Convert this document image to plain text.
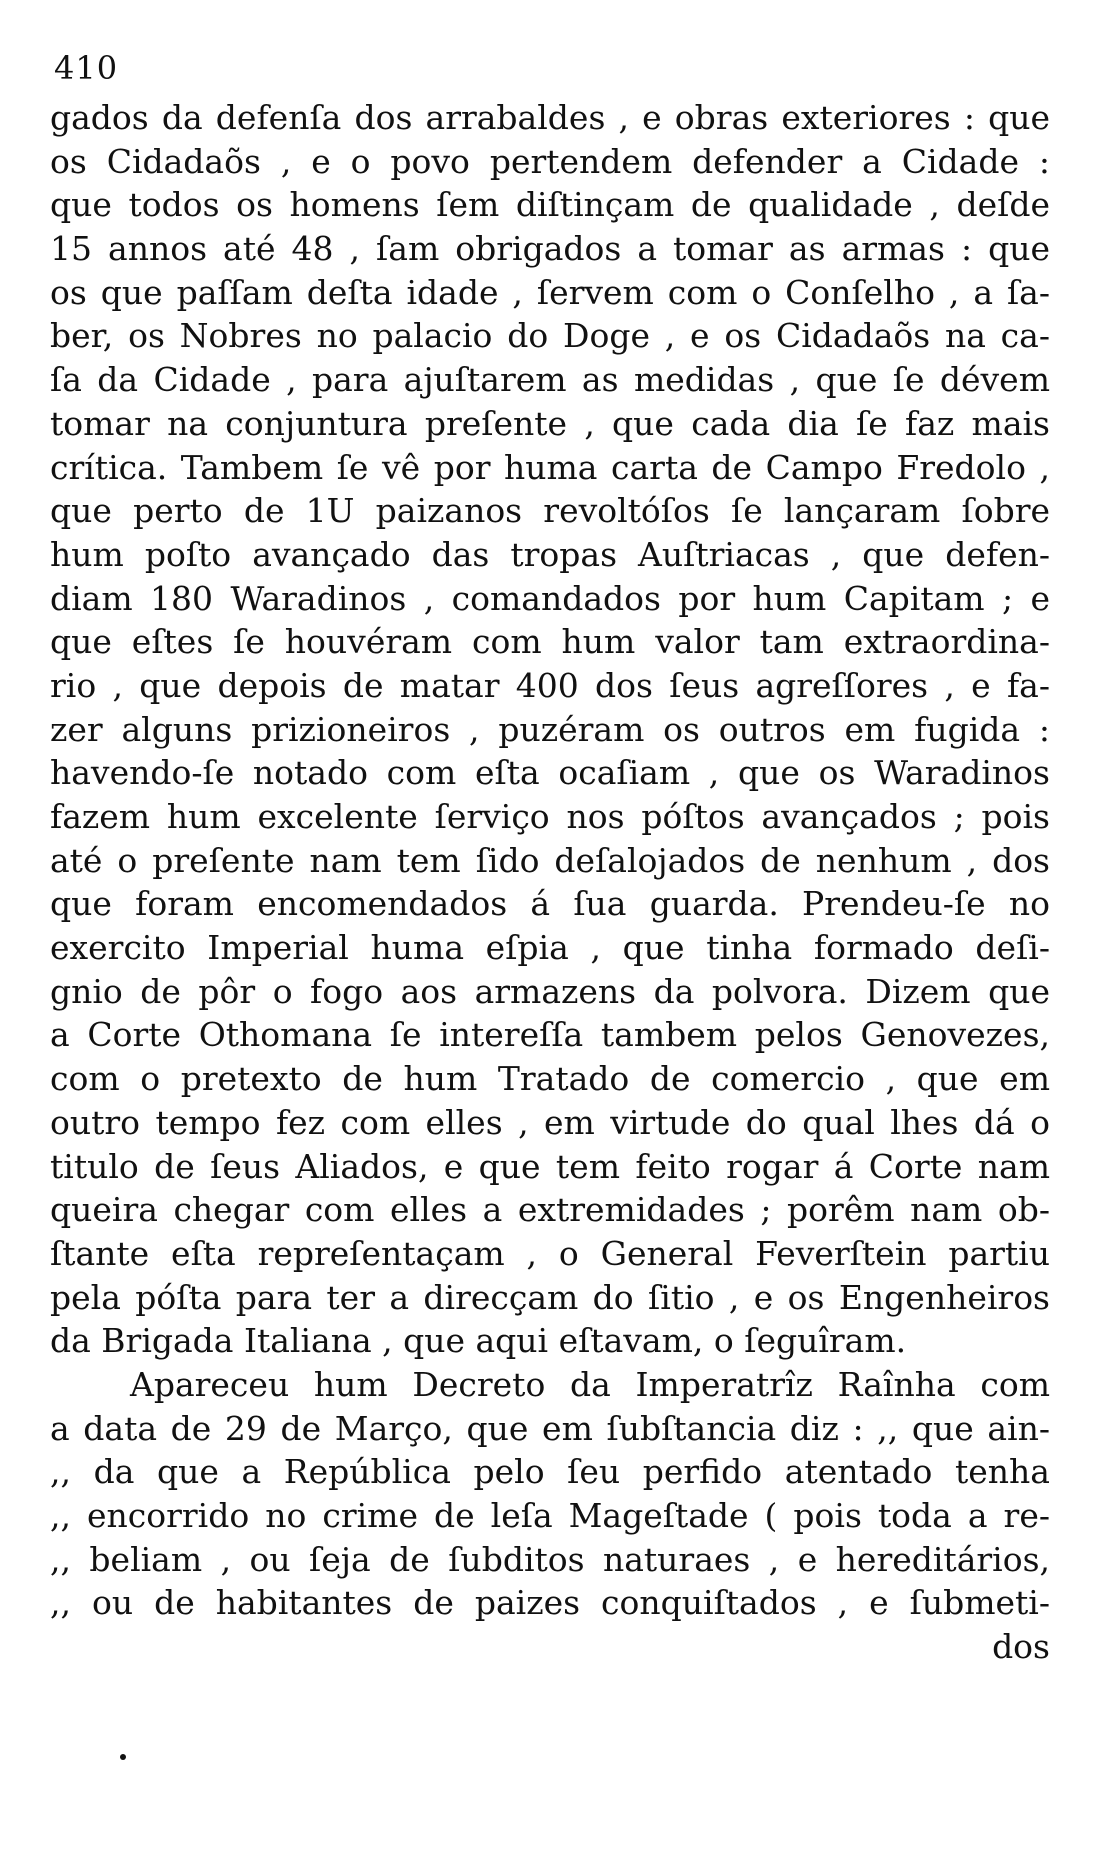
410
gados da defenſa dos arrabaldes , e obras exteriores : que
os Cidadaõs , e o povo pertendem defender a Cidade :
que todos os homens ſem diſtinçam de qualidade , deſde
15 annos até 48 , ſam obrigados a tomar as armas : que
os que paſſam deſta idade , ſervem com o Conſelho , a ſa-
ber, os Nobres no palacio do Doge , e os Cidadaõs na ca-
ſa da Cidade , para ajuſtarem as medidas , que ſe dévem
tomar na conjuntura preſente , que cada dia ſe faz mais
crítica. Tambem ſe vê por huma carta de Campo Fredolo ,
que perto de 1U paizanos revoltóſos ſe lançaram ſobre
hum poſto avançado das tropas Auſtriacas , que defen-
diam 180 Waradinos , comandados por hum Capitam ; e
que eſtes ſe houvéram com hum valor tam extraordina-
rio , que depois de matar 400 dos ſeus agreſſores , e fa-
zer alguns prizioneiros , puzéram os outros em fugida :
havendo-ſe notado com eſta ocaſiam , que os Waradinos
fazem hum excelente ſerviço nos póſtos avançados ; pois
até o preſente nam tem ſido deſalojados de nenhum , dos
que foram encomendados á ſua guarda. Prendeu-ſe no
exercito Imperial huma eſpia , que tinha formado deſi-
gnio de pôr o fogo aos armazens da polvora. Dizem que
a Corte Othomana ſe intereſſa tambem pelos Genovezes,
com o pretexto de hum Tratado de comercio , que em
outro tempo fez com elles , em virtude do qual lhes dá o
titulo de ſeus Aliados, e que tem feito rogar á Corte nam
queira chegar com elles a extremidades ; porêm nam ob-
ſtante eſta repreſentaçam , o General Feverſtein partiu
pela póſta para ter a direcçam do ſitio , e os Engenheiros
da Brigada Italiana , que aqui eſtavam, o ſeguîram.
Apareceu hum Decreto da Imperatrîz Raînha com
a data de 29 de Março, que em ſubſtancia diz : ,, que ain-
,, da que a República pelo ſeu perfido atentado tenha
,, encorrido no crime de leſa Mageſtade ( pois toda a re-
,, beliam , ou ſeja de ſubditos naturaes , e hereditários,
,, ou de habitantes de paizes conquiſtados , e ſubmeti-
dos
